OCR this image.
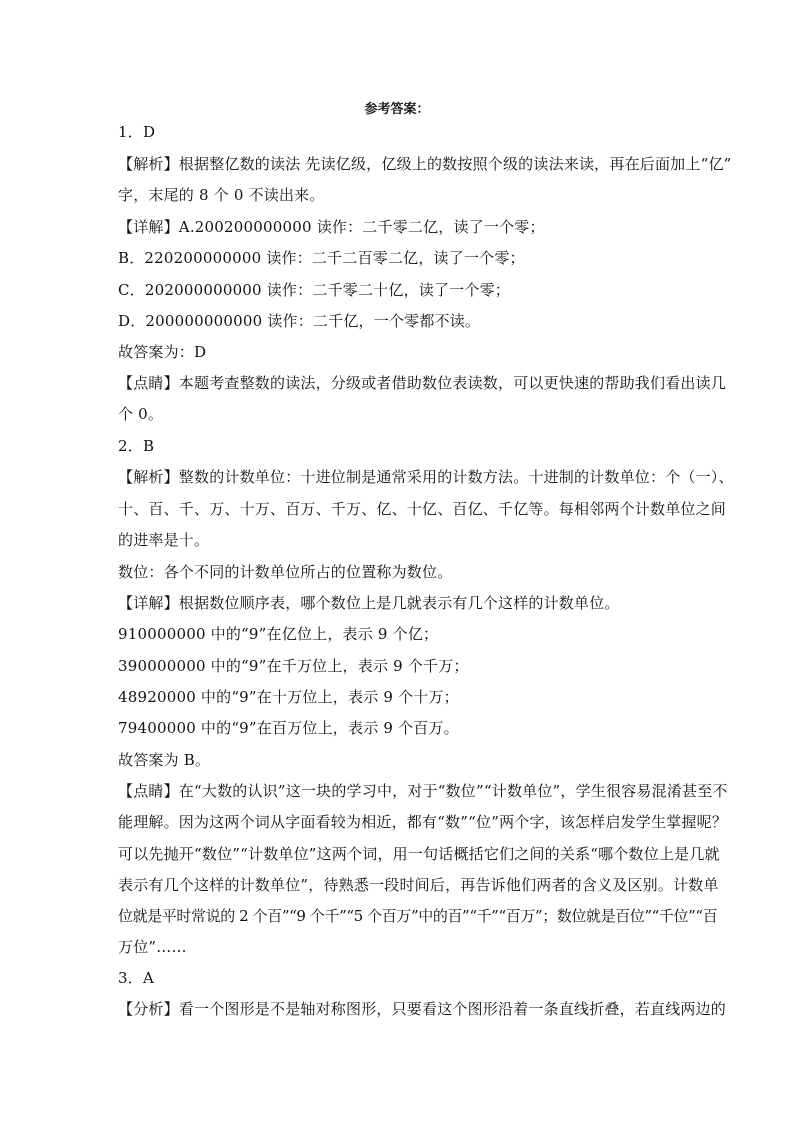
参考答案：
1．D
【解析】根据整亿数的读法 先读亿级，亿级上的数按照个级的读法来读，再在后面加上“亿”
字，末尾的 8 个 0 不读出来。
【详解】A.200200000000 读作：二千零二亿，读了一个零；
B．220200000000 读作：二千二百零二亿，读了一个零；
C．202000000000 读作：二千零二十亿，读了一个零；
D．200000000000 读作：二千亿，一个零都不读。
故答案为：D
【点睛】本题考查整数的读法，分级或者借助数位表读数，可以更快速的帮助我们看出读几
个 0。
2．B
【解析】整数的计数单位：十进位制是通常采用的计数方法。十进制的计数单位：个（一）、
十、百、千、万、十万、百万、千万、亿、十亿、百亿、千亿等。每相邻两个计数单位之间
的进率是十。
数位：各个不同的计数单位所占的位置称为数位。
【详解】根据数位顺序表，哪个数位上是几就表示有几个这样的计数单位。
910000000 中的“9”在亿位上，表示 9 个亿；
390000000 中的“9”在千万位上，表示 9 个千万；
48920000 中的“9”在十万位上，表示 9 个十万；
79400000 中的“9”在百万位上，表示 9 个百万。
故答案为 B。
【点睛】在“大数的认识”这一块的学习中，对于“数位”“计数单位”，学生很容易混淆甚至不
能理解。因为这两个词从字面看较为相近，都有“数”“位”两个字，该怎样启发学生掌握呢？
可以先抛开“数位”“计数单位”这两个词，用一句话概括它们之间的关系“哪个数位上是几就
表示有几个这样的计数单位”，待熟悉一段时间后，再告诉他们两者的含义及区别。计数单
位就是平时常说的 2 个百”“9 个千”“5 个百万”中的百”“千”“百万”；数位就是百位”“千位”“百
万位”……
3．A
【分析】看一个图形是不是轴对称图形，只要看这个图形沿着一条直线折叠，若直线两边的
